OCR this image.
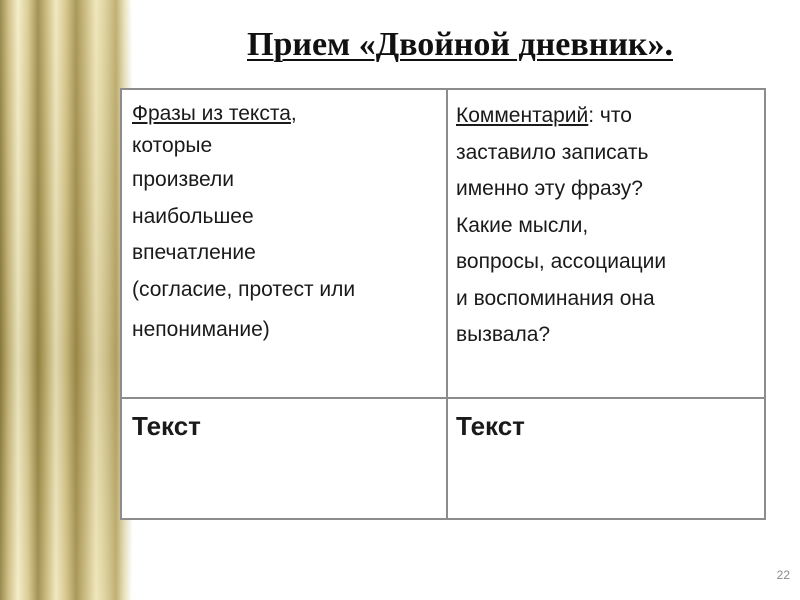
Прием «Двойной дневник».
Фразы из текста,
которые
произвели
наибольшее
впечатление
(согласие, протест или
непонимание)
Комментарий: что
заставило записать
именно эту фразу?
Какие мысли,
вопросы, ассоциации
и воспоминания она
вызвала?
Текст	Текст
22
